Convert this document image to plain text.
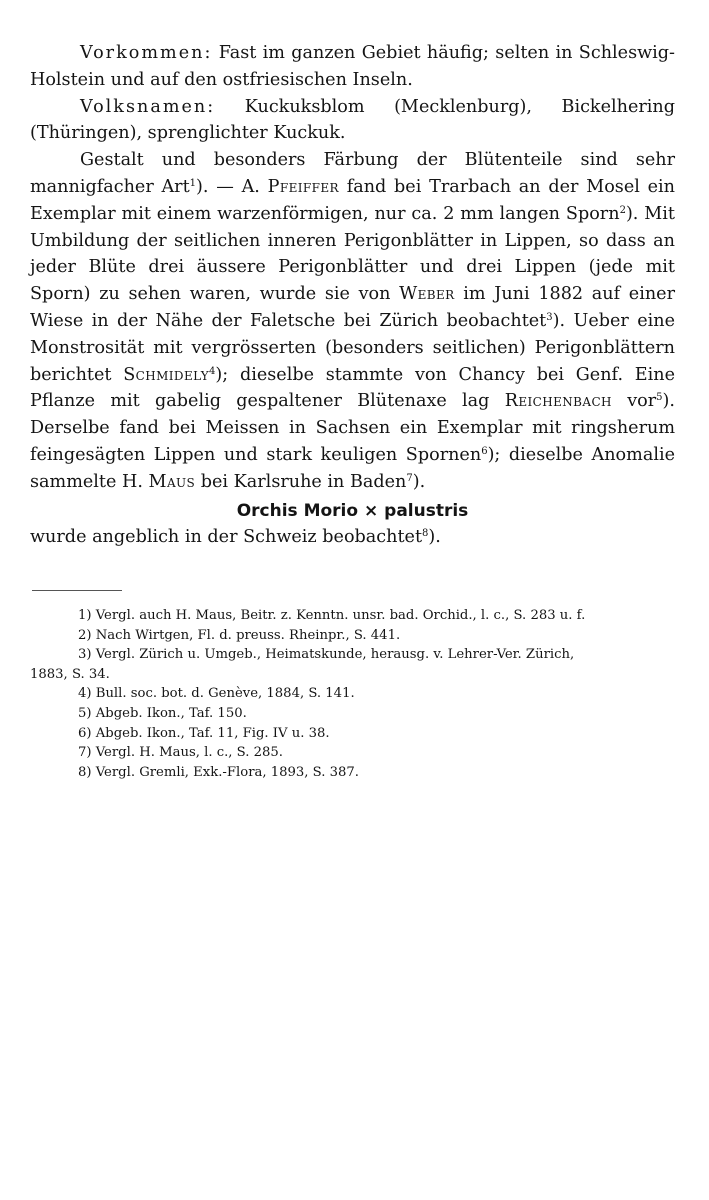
Vorkommen: Fast im ganzen Gebiet häufig; selten in Schleswig-Holstein und auf den ostfriesischen Inseln.

Volksnamen: Kuckuksblom (Mecklenburg), Bickelhering (Thüringen), sprenglichter Kuckuk.

Gestalt und besonders Färbung der Blütenteile sind sehr mannigfacher Art$^1$). — A. Pfeiffer fand bei Trarbach an der Mosel ein Exemplar mit einem warzenförmigen, nur ca. 2 mm langen Sporn$^2$). Mit Umbildung der seitlichen inneren Perigonblätter in Lippen, so dass an jeder Blüte drei äussere Perigonblätter und drei Lippen (jede mit Sporn) zu sehen waren, wurde sie von Weber im Juni 1882 auf einer Wiese in der Nähe der Faletsche bei Zürich beobachtet$^3$). Ueber eine Monstrosität mit vergrösserten (besonders seitlichen) Perigonblättern berichtet Schmidely$^4$); dieselbe stammte von Chancy bei Genf. Eine Pflanze mit gabelig gespaltener Blütenaxe lag Reichenbach vor$^5$). Derselbe fand bei Meissen in Sachsen ein Exemplar mit ringsherum feingesägten Lippen und stark keuligen Spornen$^6$); dieselbe Anomalie sammelte H. Maus bei Karlsruhe in Baden$^7$).

Orchis Morio × palustris

wurde angeblich in der Schweiz beobachtet$^8$).

1) Vergl. auch H. Maus, Beitr. z. Kenntn. unsr. bad. Orchid., l. c., S. 283 u. f.

2) Nach Wirtgen, Fl. d. preuss. Rheinpr., S. 441.

3) Vergl. Zürich u. Umgeb., Heimatskunde, herausg. v. Lehrer-Ver. Zürich,

1883, S. 34.

4) Bull. soc. bot. d. Genève, 1884, S. 141.

5) Abgeb. Ikon., Taf. 150.

6) Abgeb. Ikon., Taf. 11, Fig. IV u. 38.

7) Vergl. H. Maus, l. c., S. 285.

8) Vergl. Gremli, Exk.-Flora, 1893, S. 387.
